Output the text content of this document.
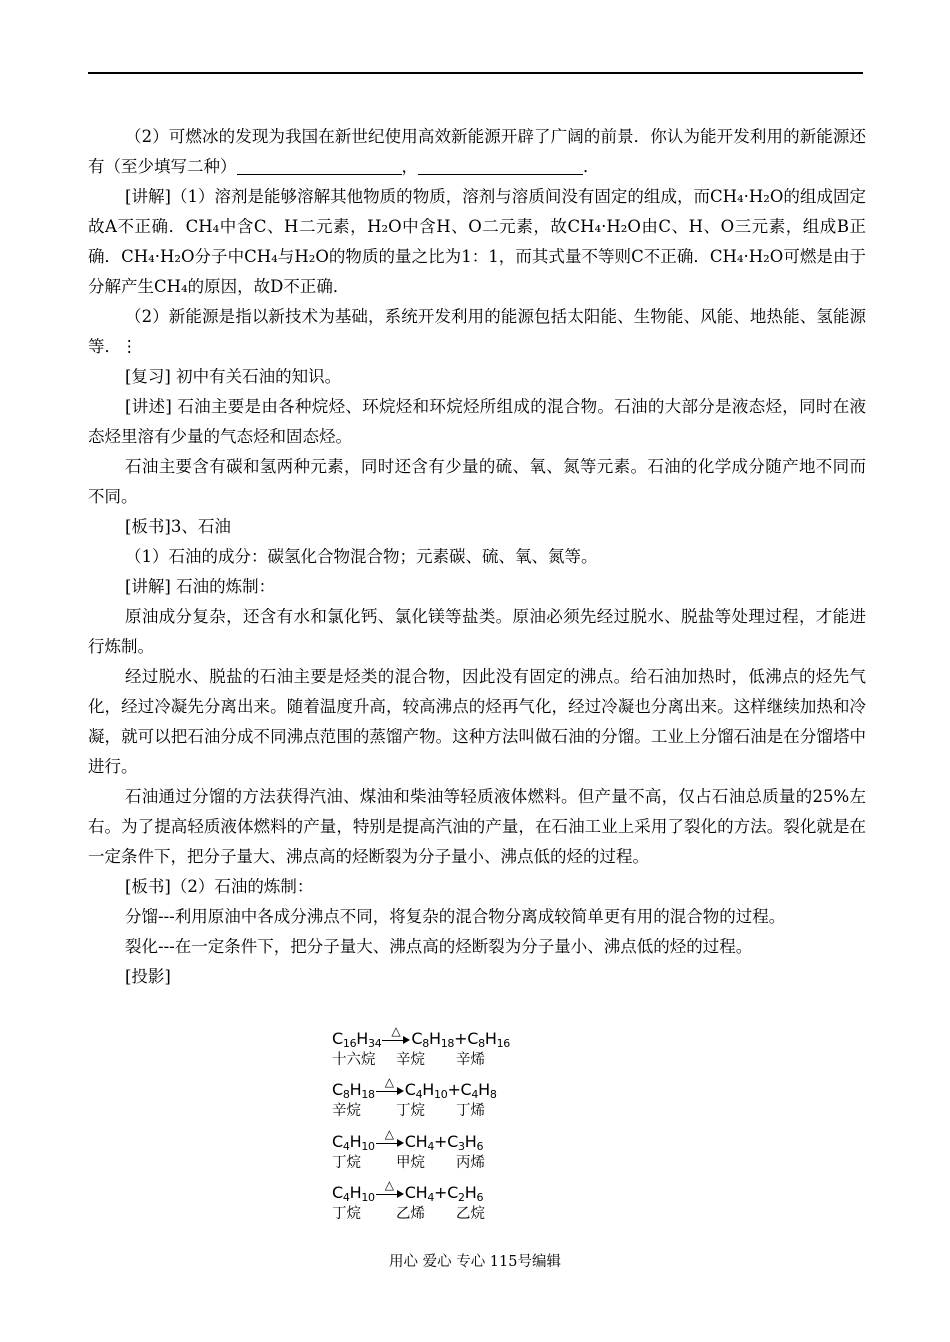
（2）可燃冰的发现为我国在新世纪使用高效新能源开辟了广阔的前景．你认为能开发利用的新能源还有（至少填写二种）	，	．

[讲解]（1）溶剂是能够溶解其他物质的物质，溶剂与溶质间没有固定的组成，而CH₄·H₂O的组成固定故A不正确．CH₄中含C、H二元素，H₂O中含H、O二元素，故CH₄·H₂O由C、H、O三元素，组成B正确．CH₄·H₂O分子中CH₄与H₂O的物质的量之比为1：1，而其式量不等则C不正确．CH₄·H₂O可燃是由于分解产生CH₄的原因，故D不正确．

（2）新能源是指以新技术为基础，系统开发利用的能源包括太阳能、生物能、风能、地热能、氢能源等．⋮

[复习] 初中有关石油的知识。

[讲述] 石油主要是由各种烷烃、环烷烃和环烷烃所组成的混合物。石油的大部分是液态烃，同时在液态烃里溶有少量的气态烃和固态烃。

石油主要含有碳和氢两种元素，同时还含有少量的硫、氧、氮等元素。石油的化学成分随产地不同而不同。

[板书]3、石油

（1）石油的成分：碳氢化合物混合物；元素碳、硫、氧、氮等。

[讲解] 石油的炼制：

原油成分复杂，还含有水和氯化钙、氯化镁等盐类。原油必须先经过脱水、脱盐等处理过程，才能进行炼制。

经过脱水、脱盐的石油主要是烃类的混合物，因此没有固定的沸点。给石油加热时，低沸点的烃先气化，经过冷凝先分离出来。随着温度升高，较高沸点的烃再气化，经过冷凝也分离出来。这样继续加热和冷凝，就可以把石油分成不同沸点范围的蒸馏产物。这种方法叫做石油的分馏。工业上分馏石油是在分馏塔中进行。

石油通过分馏的方法获得汽油、煤油和柴油等轻质液体燃料。但产量不高，仅占石油总质量的25%左右。为了提高轻质液体燃料的产量，特别是提高汽油的产量，在石油工业上采用了裂化的方法。裂化就是在一定条件下，把分子量大、沸点高的烃断裂为分子量小、沸点低的烃的过程。

[板书]（2）石油的炼制：

分馏---利用原油中各成分沸点不同，将复杂的混合物分离成较简单更有用的混合物的过程。

裂化---在一定条件下，把分子量大、沸点高的烃断裂为分子量小、沸点低的烃的过程。

[投影]

$C_{16}H_{34}$
△ $C_8H_{18}+C_8H_{16}$
十六烷 辛烷 辛烯
$C_8H_{18}$
△ $C_4H_{10}+C_4H_8$
辛烷 丁烷 丁烯
$C_4H_{10}$
△ $CH_4+C_3H_6$
丁烷 甲烷 丙烯
$C_4H_{10}$
△ $CH_4+C_2H_6$
丁烷 乙烯 乙烷
用心 爱心 专心 115号编辑
